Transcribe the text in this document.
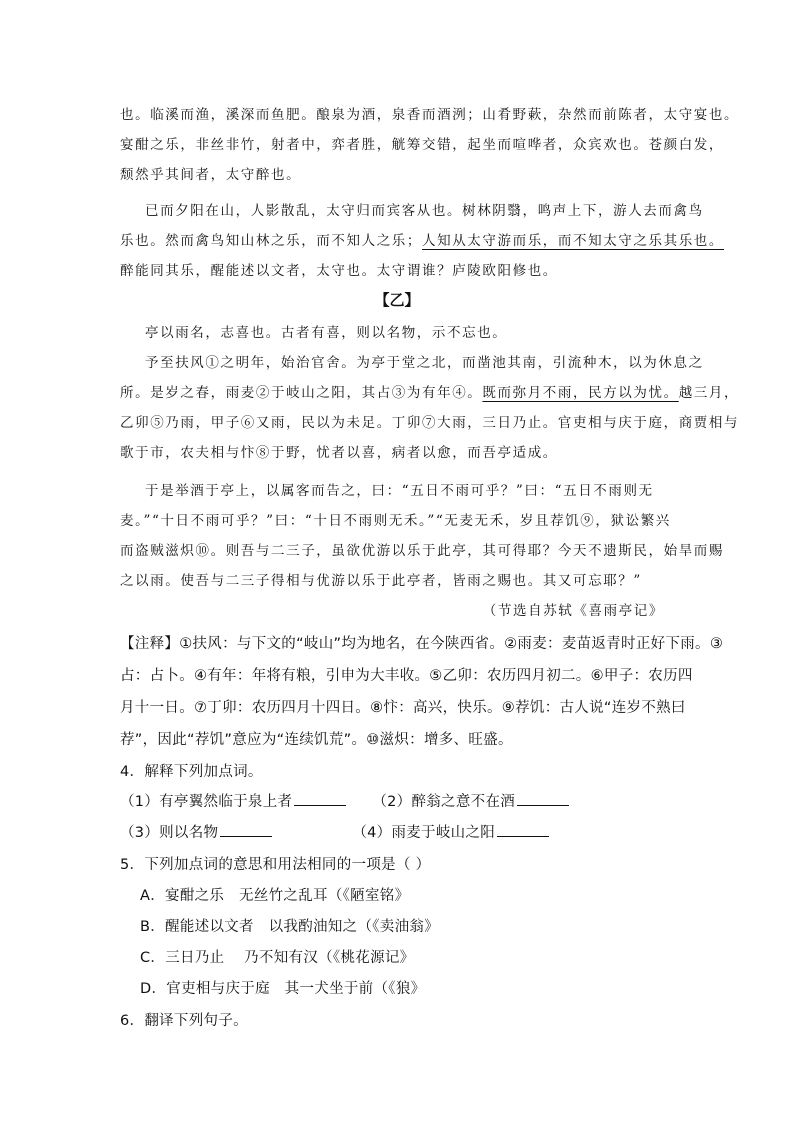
也。临溪而渔，溪深而鱼肥。酿泉为酒，泉香而酒洌；山肴野蔌，杂然而前陈者，太守宴也。
宴酣之乐，非丝非竹，射者中，弈者胜，觥筹交错，起坐而喧哗者，众宾欢也。苍颜白发，
颓然乎其间者，太守醉也。
已而夕阳在山，人影散乱，太守归而宾客从也。树林阴翳，鸣声上下，游人去而禽鸟
乐也。然而禽鸟知山林之乐，而不知人之乐；人知从太守游而乐，而不知太守之乐其乐也。
醉能同其乐，醒能述以文者，太守也。太守谓谁？庐陵欧阳修也。
【乙】
亭以雨名，志喜也。古者有喜，则以名物，示不忘也。
予至扶风①之明年，始治官舍。为亭于堂之北，而凿池其南，引流种木，以为休息之
所。是岁之春，雨麦②于岐山之阳，其占③为有年④。既而弥月不雨，民方以为忧。越三月，
乙卯⑤乃雨，甲子⑥又雨，民以为未足。丁卯⑦大雨，三日乃止。官吏相与庆于庭，商贾相与
歌于市，农夫相与忭⑧于野，忧者以喜，病者以愈，而吾亭适成。
于是举酒于亭上，以属客而告之，曰：“五日不雨可乎？”曰：“五日不雨则无
麦。”“十日不雨可乎？”曰：“十日不雨则无禾。”“无麦无禾，岁且荐饥⑨，狱讼繁兴
而盗贼滋炽⑩。则吾与二三子，虽欲优游以乐于此亭，其可得耶？今天不遗斯民，始旱而赐
之以雨。使吾与二三子得相与优游以乐于此亭者，皆雨之赐也。其又可忘耶？”
（节选自苏轼《喜雨亭记》
【注释】①扶风：与下文的“岐山”均为地名，在今陕西省。②雨麦：麦苗返青时正好下雨。③
占：占卜。④有年：年将有粮，引申为大丰收。⑤乙卯：农历四月初二。⑥甲子：农历四
月十一日。⑦丁卯：农历四月十四日。⑧忭：高兴，快乐。⑨荐饥：古人说“连岁不熟曰
荐”，因此“荐饥”意应为“连续饥荒”。⑩滋炽：增多、旺盛。
4．解释下列加点词。
（1）有亭翼然临于泉上者	（2）醉翁之意不在酒
（3）则以名物	（4）雨麦于岐山之阳
5．下列加点词的意思和用法相同的一项是（ ）
A．宴酣之乐　无丝竹之乱耳（《陋室铭》
B．醒能述以文者　以我酌油知之（《卖油翁》
C．三日乃止　 乃不知有汉（《桃花源记》
D．官吏相与庆于庭　其一犬坐于前（《狼》
6．翻译下列句子。
